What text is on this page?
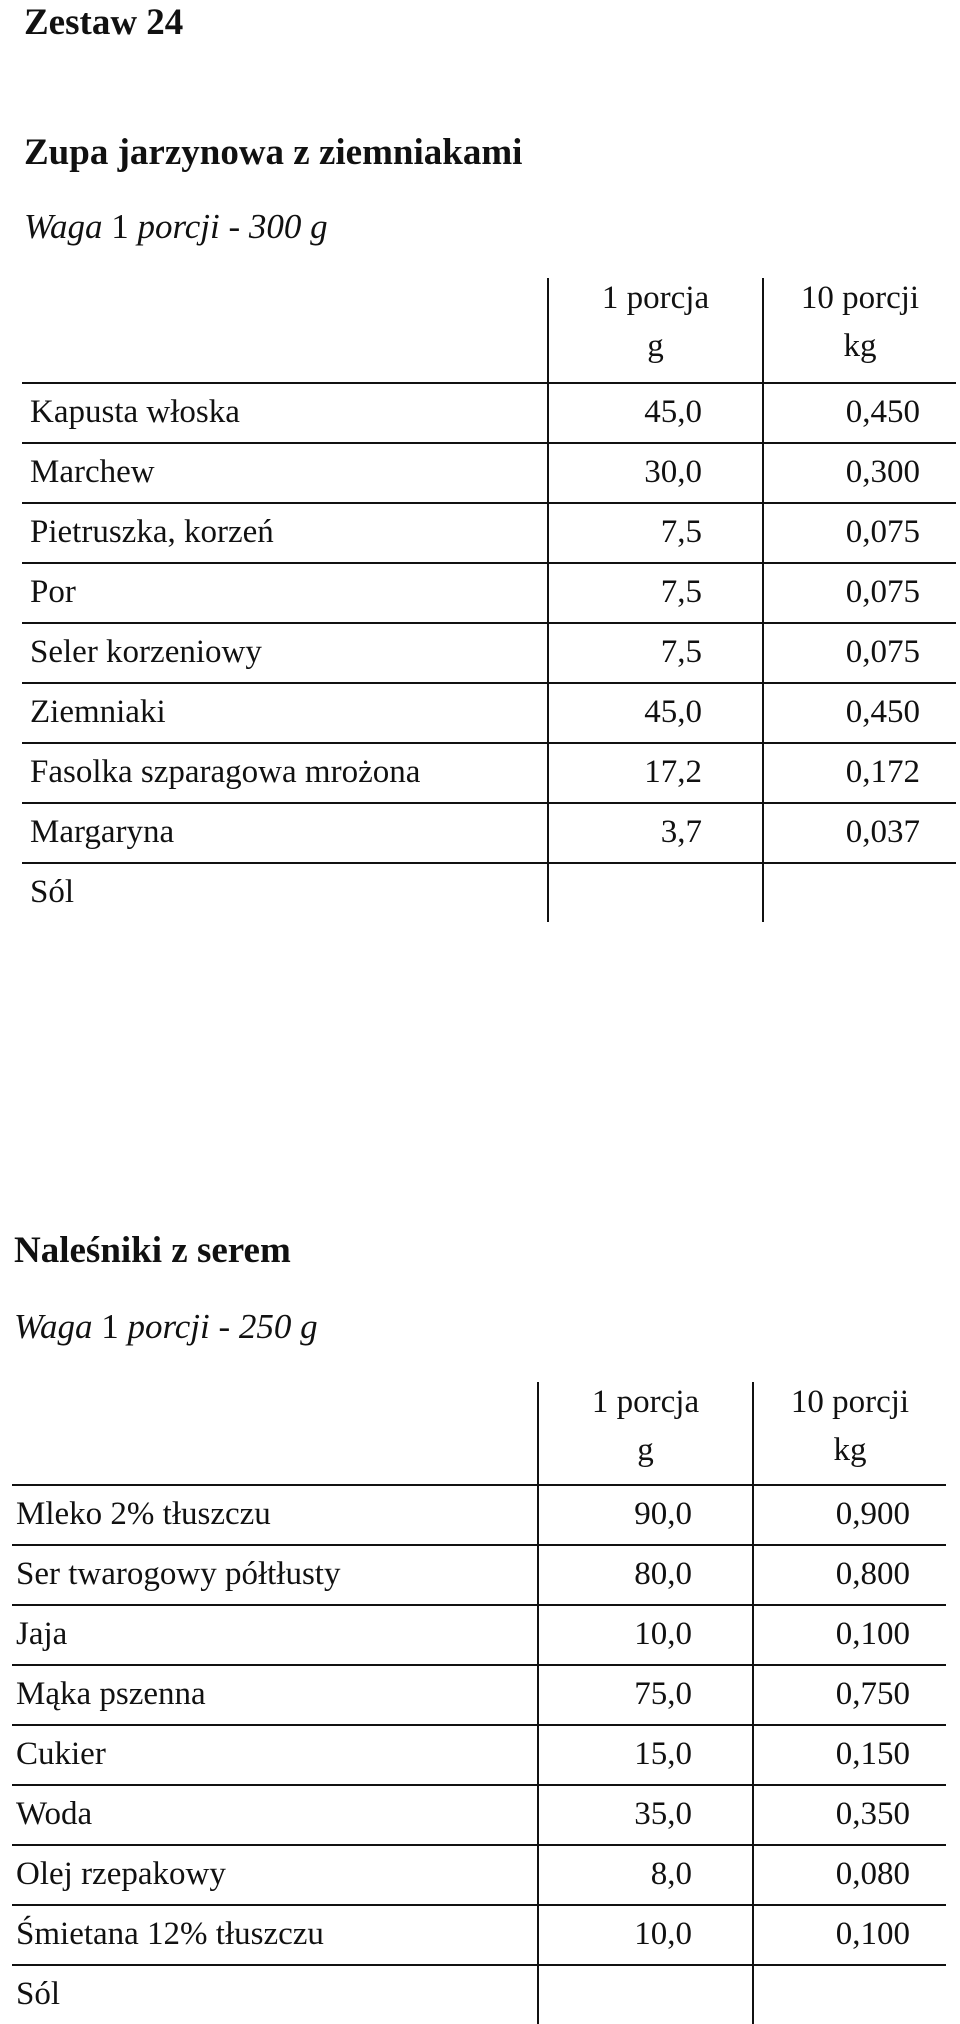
Zestaw 24
Zupa jarzynowa z ziemniakami
Waga 1 porcji - 300 g
1 porcja
g
10 porcji
kg
Kapusta włoska	45,0	0,450
Marchew	30,0	0,300
Pietruszka, korzeń	7,5	0,075
Por	7,5	0,075
Seler korzeniowy	7,5	0,075
Ziemniaki	45,0	0,450
Fasolka szparagowa mrożona	17,2	0,172
Margaryna	3,7	0,037
Sól
Naleśniki z serem
Waga 1 porcji - 250 g
1 porcja
g
10 porcji
kg
Mleko 2% tłuszczu	90,0	0,900
Ser twarogowy półtłusty	80,0	0,800
Jaja	10,0	0,100
Mąka pszenna	75,0	0,750
Cukier	15,0	0,150
Woda	35,0	0,350
Olej rzepakowy	8,0	0,080
Śmietana 12% tłuszczu	10,0	0,100
Sól
